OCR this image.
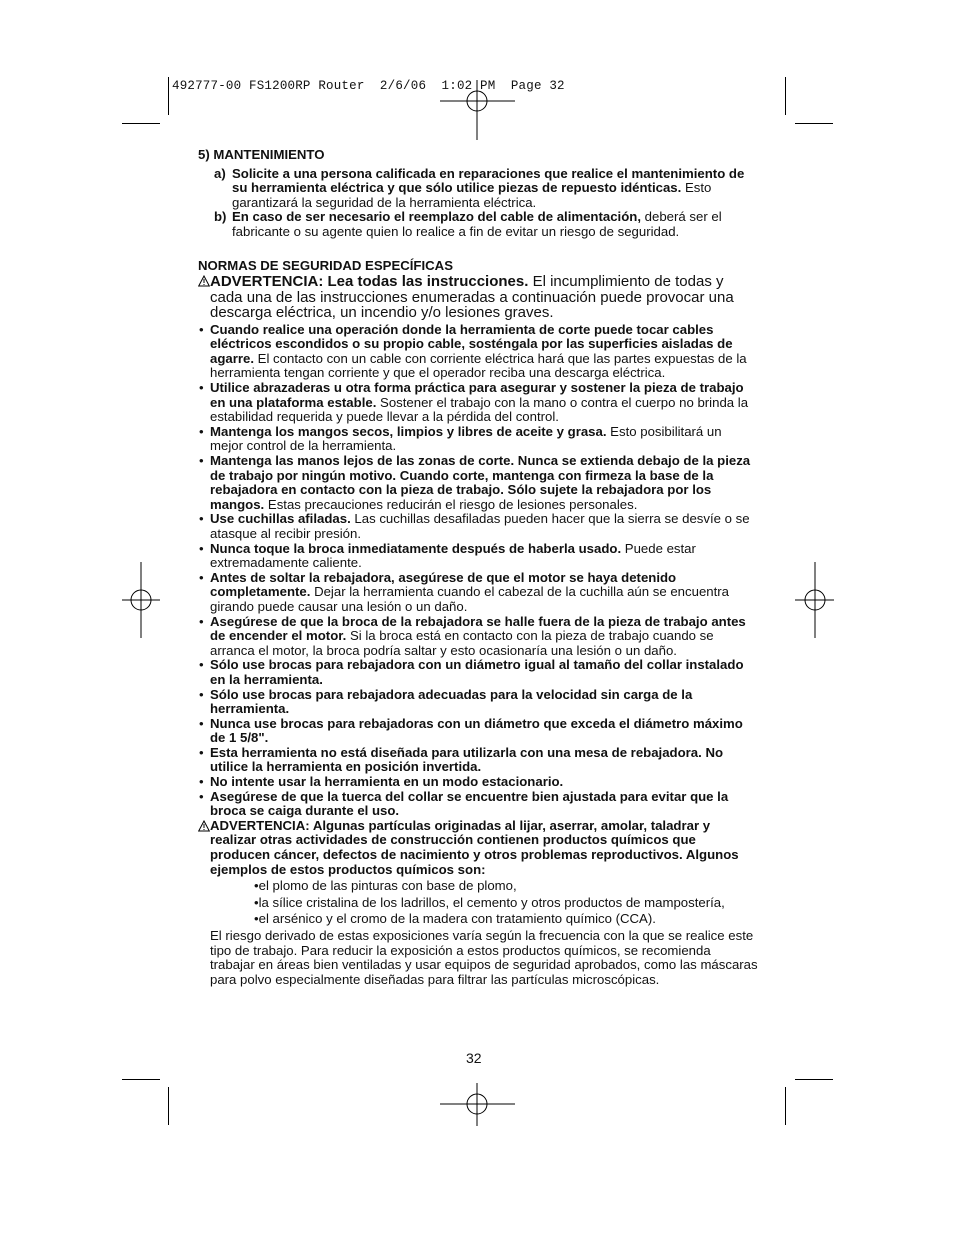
492777-00 FS1200RP Router  2/6/06  1:02 PM  Page 32
5) MANTENIMIENTO
a) Solicite a una persona calificada en reparaciones que realice el mantenimiento de su herramienta eléctrica y que sólo utilice piezas de repuesto idénticas. Esto garantizará la seguridad de la herramienta eléctrica.
b) En caso de ser necesario el reemplazo del cable de alimentación, deberá ser el fabricante o su agente quien lo realice a fin de evitar un riesgo de seguridad.
NORMAS DE SEGURIDAD ESPECÍFICAS
ADVERTENCIA: Lea todas las instrucciones. El incumplimiento de todas y cada una de las instrucciones enumeradas a continuación puede provocar una descarga eléctrica, un incendio y/o lesiones graves.
• Cuando realice una operación donde la herramienta de corte puede tocar cables eléctricos escondidos o su propio cable, sosténgala por las superficies aisladas de agarre. El contacto con un cable con corriente eléctrica hará que las partes expuestas de la herramienta tengan corriente y que el operador reciba una descarga eléctrica.
• Utilice abrazaderas u otra forma práctica para asegurar y sostener la pieza de trabajo en una plataforma estable. Sostener el trabajo con la mano o contra el cuerpo no brinda la estabilidad requerida y puede llevar a la pérdida del control.
• Mantenga los mangos secos, limpios y libres de aceite y grasa. Esto posibilitará un mejor control de la herramienta.
• Mantenga las manos lejos de las zonas de corte. Nunca se extienda debajo de la pieza de trabajo por ningún motivo. Cuando corte, mantenga con firmeza la base de la rebajadora en contacto con la pieza de trabajo. Sólo sujete la rebajadora por los mangos. Estas precauciones reducirán el riesgo de lesiones personales.
• Use cuchillas afiladas. Las cuchillas desafiladas pueden hacer que la sierra se desvíe o se atasque al recibir presión.
• Nunca toque la broca inmediatamente después de haberla usado. Puede estar extremadamente caliente.
• Antes de soltar la rebajadora, asegúrese de que el motor se haya detenido completamente. Dejar la herramienta cuando el cabezal de la cuchilla aún se encuentra girando puede causar una lesión o un daño.
• Asegúrese de que la broca de la rebajadora se halle fuera de la pieza de trabajo antes de encender el motor. Si la broca está en contacto con la pieza de trabajo cuando se arranca el motor, la broca podría saltar y esto ocasionaría una lesión o un daño.
• Sólo use brocas para rebajadora con un diámetro igual al tamaño del collar instalado en la herramienta.
• Sólo use brocas para rebajadora adecuadas para la velocidad sin carga de la herramienta.
• Nunca use brocas para rebajadoras con un diámetro que exceda el diámetro máximo de 1 5/8".
• Esta herramienta no está diseñada para utilizarla con una mesa de rebajadora. No utilice la herramienta en posición invertida.
• No intente usar la herramienta en un modo estacionario.
• Asegúrese de que la tuerca del collar se encuentre bien ajustada para evitar que la broca se caiga durante el uso.
ADVERTENCIA: Algunas partículas originadas al lijar, aserrar, amolar, taladrar y realizar otras actividades de construcción contienen productos químicos que producen cáncer, defectos de nacimiento y otros problemas reproductivos. Algunos ejemplos de estos productos químicos son:
•el plomo de las pinturas con base de plomo,
•la sílice cristalina de los ladrillos, el cemento y otros productos de mampostería,
•el arsénico y el cromo de la madera con tratamiento químico (CCA).
El riesgo derivado de estas exposiciones varía según la frecuencia con la que se realice este tipo de trabajo. Para reducir la exposición a estos productos químicos, se recomienda trabajar en áreas bien ventiladas y usar equipos de seguridad aprobados, como las máscaras para polvo especialmente diseñadas para filtrar las partículas microscópicas.
32
